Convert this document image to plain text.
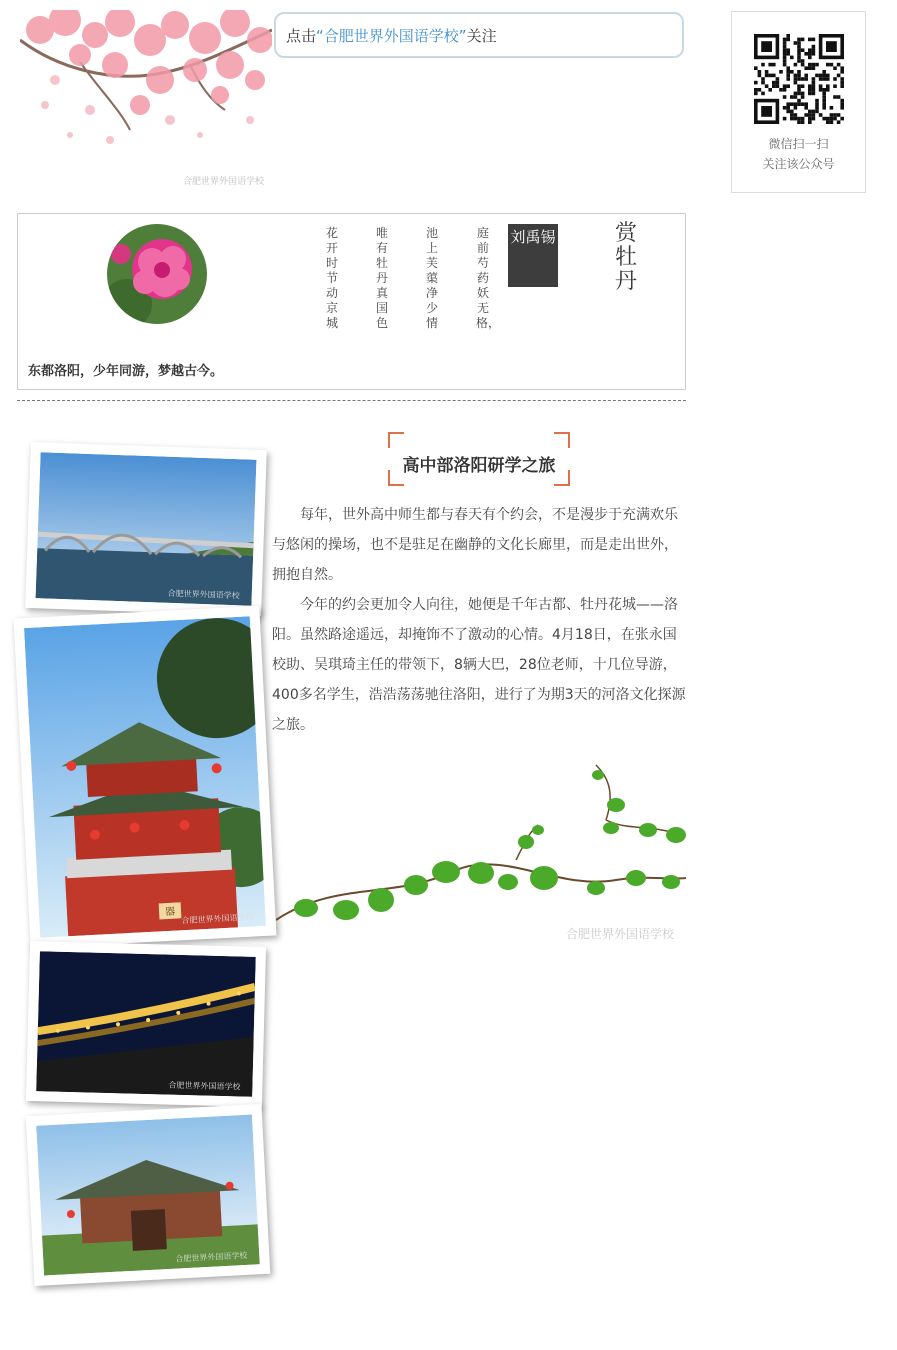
合肥世界外国语学校
点击 “合肥世界外国语学校” 关注
微信扫一扫
关注该公众号
花开时节动京城
唯有牡丹真国色
池上芙蕖净少情
庭前芍药妖无格，
刘禹锡	赏牡丹
东都洛阳，少年同游，梦越古今。
合肥世界外国语学校
器
合肥世界外国语学校
合肥世界外国语学校
合肥世界外国语学校
高中部洛阳研学之旅

每年，世外高中师生都与春天有个约会，不是漫步于充满欢乐与悠闲的操场，也不是驻足在幽静的文化长廊里，而是走出世外，拥抱自然。

今年的约会更加令人向往，她便是千年古都、牡丹花城——洛阳。虽然路途遥远，却掩饰不了激动的心情。4月18日，在张永国校助、吴琪琦主任的带领下，8辆大巴，28位老师，十几位导游，400多名学生，浩浩荡荡驰往洛阳，进行了为期3天的河洛文化探源之旅。

合肥世界外国语学校
